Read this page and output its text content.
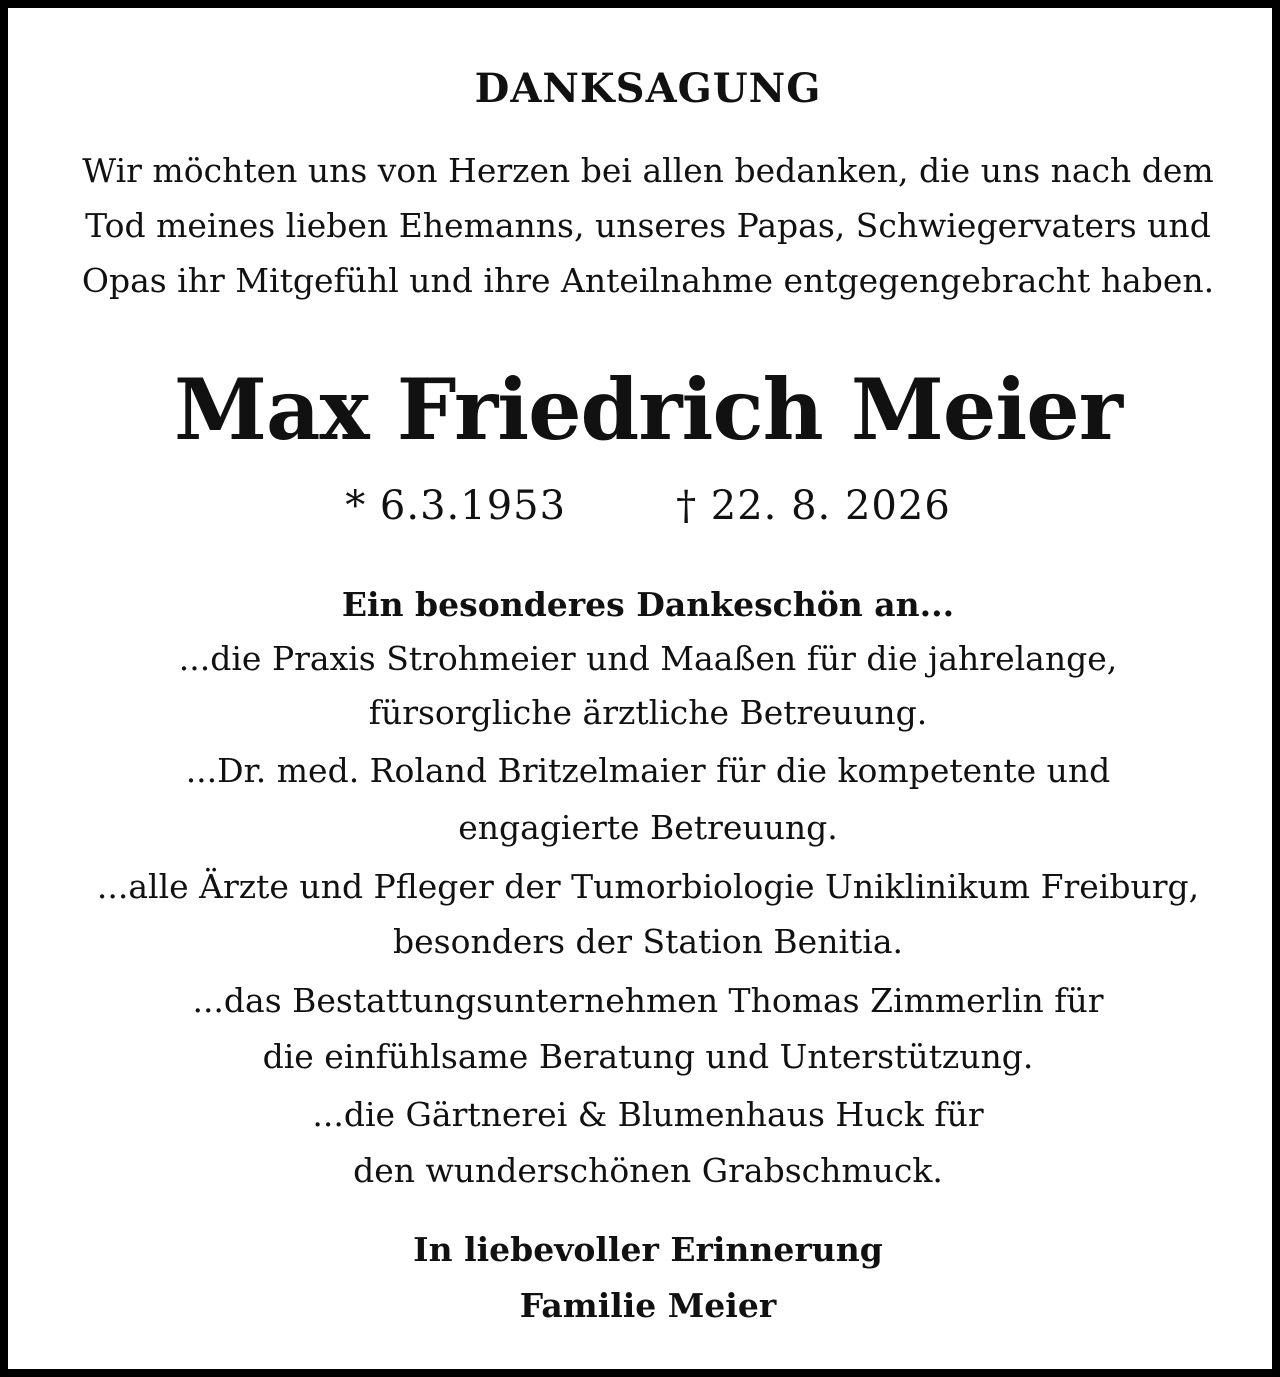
DANKSAGUNG
Wir möchten uns von Herzen bei allen bedanken, die uns nach dem
Tod meines lieben Ehemanns, unseres Papas, Schwiegervaters und
Opas ihr Mitgefühl und ihre Anteilnahme entgegengebracht haben.
Max Friedrich Meier
* 6.3.1953	† 22. 8. 2026
Ein besonderes Dankeschön an...
...die Praxis Strohmeier und Maaßen für die jahrelange,
fürsorgliche ärztliche Betreuung.
...Dr. med. Roland Britzelmaier für die kompetente und
engagierte Betreuung.
...alle Ärzte und Pfleger der Tumorbiologie Uniklinikum Freiburg,
besonders der Station Benitia.
...das Bestattungsunternehmen Thomas Zimmerlin für
die einfühlsame Beratung und Unterstützung.
...die Gärtnerei & Blumenhaus Huck für
den wunderschönen Grabschmuck.
In liebevoller Erinnerung
Familie Meier
